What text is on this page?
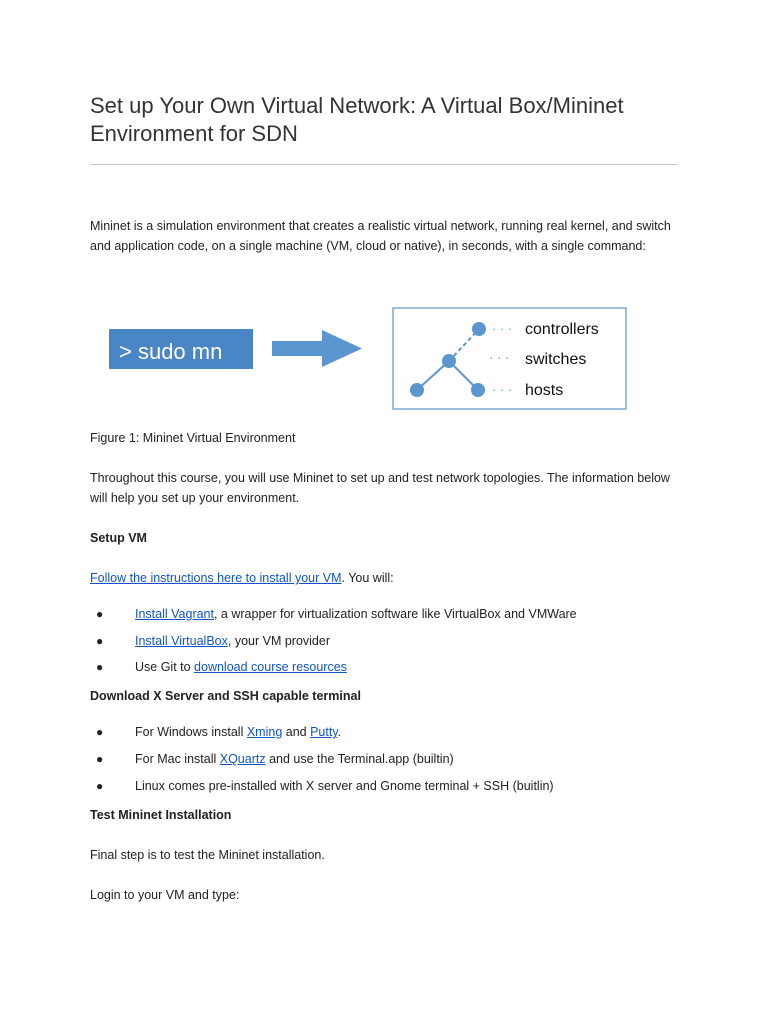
Set up Your Own Virtual Network: A Virtual Box/Mininet Environment for SDN

Mininet is a simulation environment that creates a realistic virtual network, running real kernel, and switch and application code, on a single machine (VM, cloud or native), in seconds, with a single command:

> sudo mn
· · ·
· · ·
· · ·
controllers
switches
hosts

Figure 1: Mininet Virtual Environment

Throughout this course, you will use Mininet to set up and test network topologies. The information below will help you set up your environment.

Setup VM

Follow the instructions here to install your VM. You will:

●	Install Vagrant, a wrapper for virtualization software like VirtualBox and VMWare
●	Install VirtualBox, your VM provider
●	Use Git to download course resources

Download X Server and SSH capable terminal

●	For Windows install Xming and Putty.
●	For Mac install XQuartz and use the Terminal.app (builtin)
●	Linux comes pre-installed with X server and Gnome terminal + SSH (buitlin)

Test Mininet Installation

Final step is to test the Mininet installation.

Login to your VM and type:
